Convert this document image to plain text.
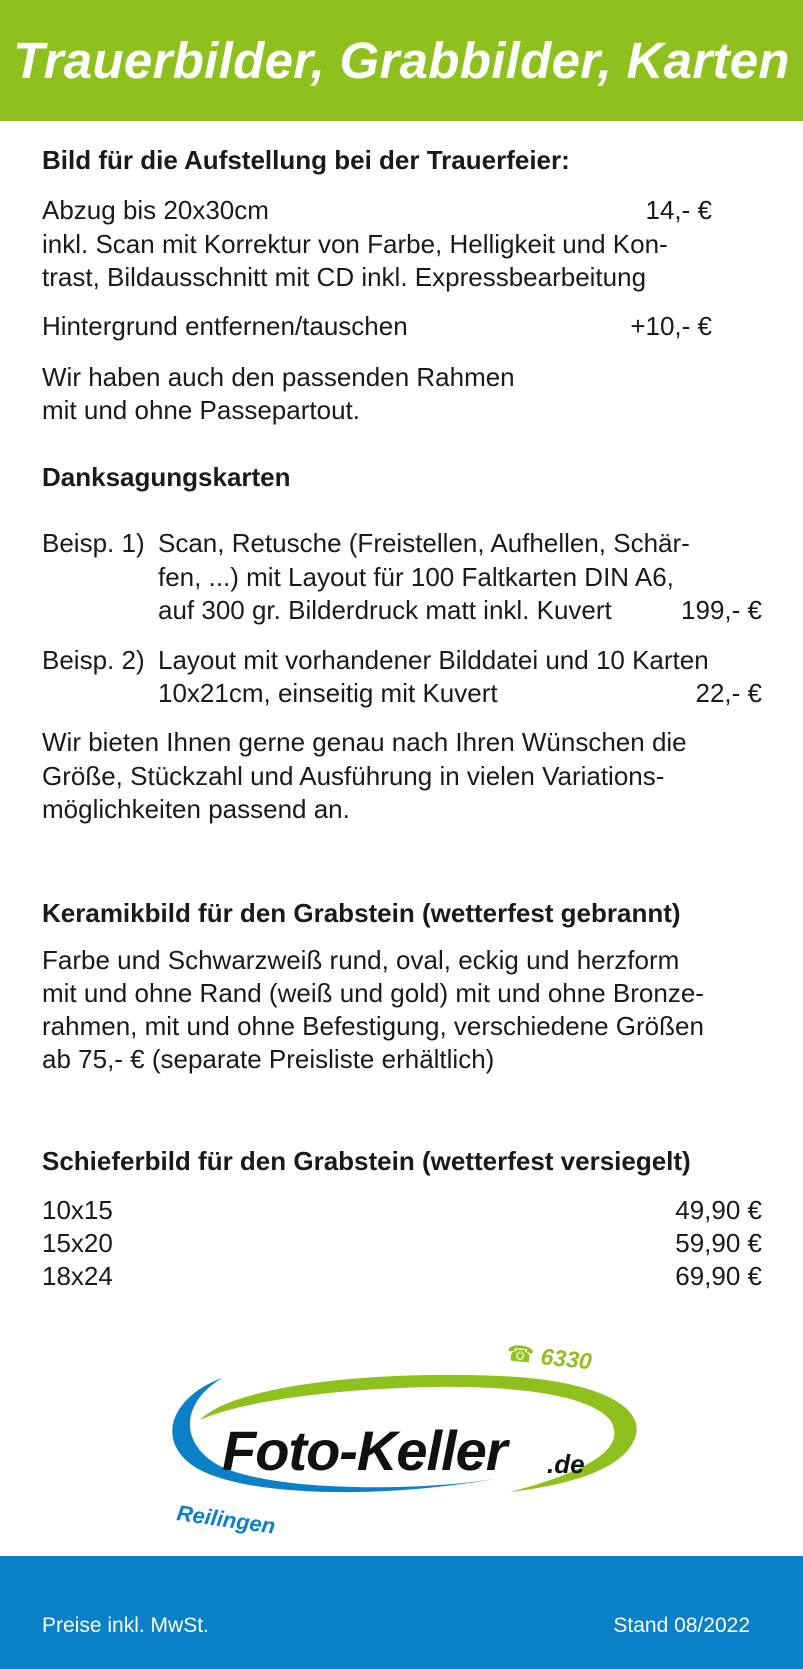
Trauerbilder, Grabbilder, Karten
Bild für die Aufstellung bei der Trauerfeier:
Abzug bis 20x30cm	14,- €
inkl. Scan mit Korrektur von Farbe, Helligkeit und Kon-
trast, Bildausschnitt mit CD inkl. Expressbearbeitung
Hintergrund entfernen/tauschen	+10,- €
Wir haben auch den passenden Rahmen
mit und ohne Passepartout.
Danksagungskarten
Beisp. 1) Scan, Retusche (Freistellen, Aufhellen, Schär-
fen, ...) mit Layout für 100 Faltkarten DIN A6,
auf 300 gr. Bilderdruck matt inkl. Kuvert	199,- €
Beisp. 2) Layout mit vorhandener Bilddatei und 10 Karten
10x21cm, einseitig mit Kuvert	22,- €
Wir bieten Ihnen gerne genau nach Ihren Wünschen die
Größe, Stückzahl und Ausführung in vielen Variations-
möglichkeiten passend an.
Keramikbild für den Grabstein (wetterfest gebrannt)
Farbe und Schwarzweiß rund, oval, eckig und herzform
mit und ohne Rand (weiß und gold) mit und ohne Bronze-
rahmen, mit und ohne Befestigung, verschiedene Größen
ab 75,- € (separate Preisliste erhältlich)
Schieferbild für den Grabstein (wetterfest versiegelt)
10x15	49,90 €
15x20	59,90 €
18x24	69,90 €
Foto-Keller .de
☎ 6330
Reilingen
Preise inkl. MwSt.	Stand 08/2022
